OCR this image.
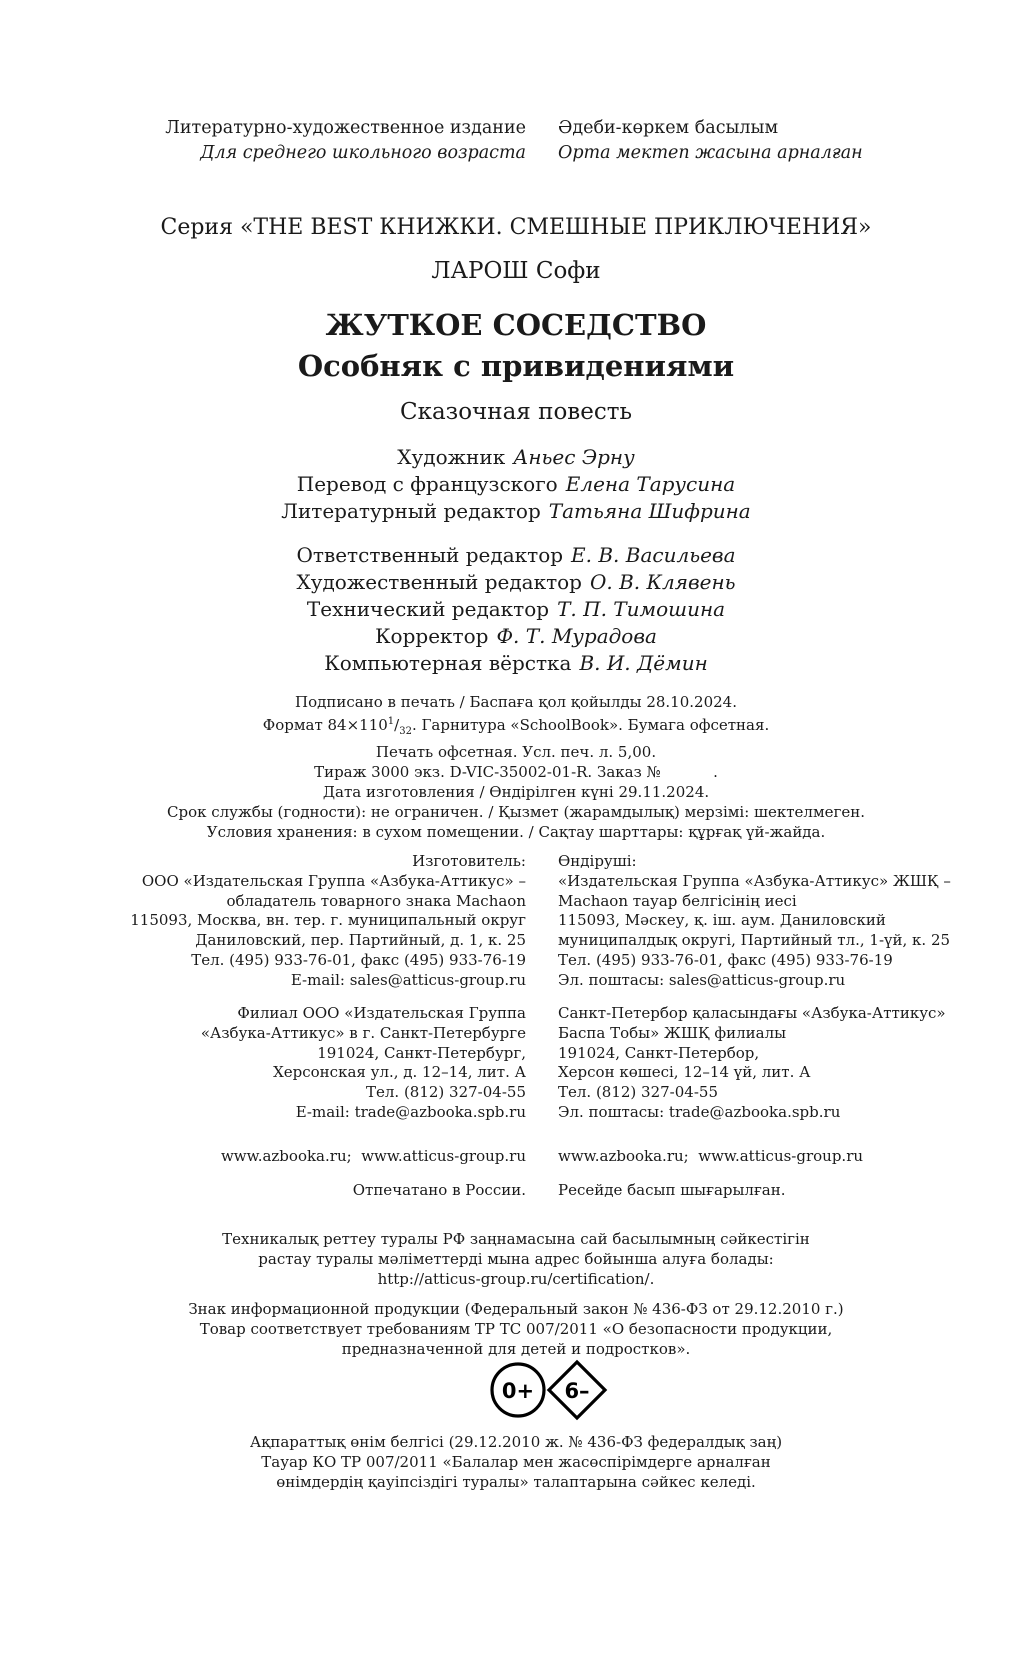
Литературно-художественное издание
Для среднего школьного возраста
Әдеби-көркем басылым
Орта мектеп жасына арналған
Серия «THE BEST КНИЖКИ. СМЕШНЫЕ ПРИКЛЮЧЕНИЯ»
ЛАРОШ Софи
ЖУТКОЕ СОСЕДСТВО
Особняк с привидениями
Сказочная повесть
Художник Аньес Эрну
Перевод с французского Елена Тарусина
Литературный редактор Татьяна Шифрина
Ответственный редактор Е. В. Васильева
Художественный редактор О. В. Клявень
Технический редактор Т. П. Тимошина
Корректор Ф. Т. Мурадова
Компьютерная вёрстка В. И. Дёмин
Подписано в печать / Баспаға қол қойылды 28.10.2024.
Формат $84\times 110^1/_{32}$. Гарнитура «SchoolBook». Бумага офсетная.
Печать офсетная. Усл. печ. л. 5,00.
Тираж 3000 экз. D-VIC-35002-01-R. Заказ №           .
Дата изготовления / Өндірілген күні 29.11.2024.
Срок службы (годности): не ограничен. / Қызмет (жарамдылық) мерзімі: шектелмеген.
Условия хранения: в сухом помещении. / Сақтау шарттары: құрғақ үй-жайда.
Изготовитель:
ООО «Издательская Группа «Азбука-Аттикус» –
обладатель товарного знака Machaon
115093, Москва, вн. тер. г. муниципальный округ
Даниловский, пер. Партийный, д. 1, к. 25
Тел. (495) 933-76-01, факс (495) 933-76-19
E-mail: sales@atticus-group.ru
Өндіруші:
«Издательская Группа «Азбука-Аттикус» ЖШҚ –
Machaon тауар белгісінің иесі
115093, Мәскеу, қ. іш. аум. Даниловский
муниципалдық округі, Партийный тл., 1-үй, к. 25
Тел. (495) 933-76-01, факс (495) 933-76-19
Эл. поштасы: sales@atticus-group.ru
Филиал ООО «Издательская Группа
«Азбука-Аттикус» в г. Санкт-Петербурге
191024, Санкт-Петербург,
Херсонская ул., д. 12–14, лит. А
Тел. (812) 327-04-55
E-mail: trade@azbooka.spb.ru
Санкт-Петербор қаласындағы «Азбука-Аттикус»
Баспа Тобы» ЖШҚ филиалы
191024, Санкт-Петербор,
Херсон көшесі, 12–14 үй, лит. А
Тел. (812) 327-04-55
Эл. поштасы: trade@azbooka.spb.ru
www.azbooka.ru;  www.atticus-group.ru www.azbooka.ru;  www.atticus-group.ru
Отпечатано в России. Ресейде басып шығарылған.
Техникалық реттеу туралы РФ заңнамасына сай басылымның сәйкестігін
растау туралы мәліметтерді мына адрес бойынша алуға болады:
http://atticus-group.ru/certification/.
Знак информационной продукции (Федеральный закон № 436-ФЗ от 29.12.2010 г.)
Товар соответствует требованиям ТР ТС 007/2011 «О безопасности продукции,
предназначенной для детей и подростков».
0+ 6–
Ақпараттық өнім белгісі (29.12.2010 ж. № 436-ФЗ федералдық заң)
Тауар КО ТР 007/2011 «Балалар мен жасөспірімдерге арналған
өнімдердің қауіпсіздігі туралы» талаптарына сәйкес келеді.
